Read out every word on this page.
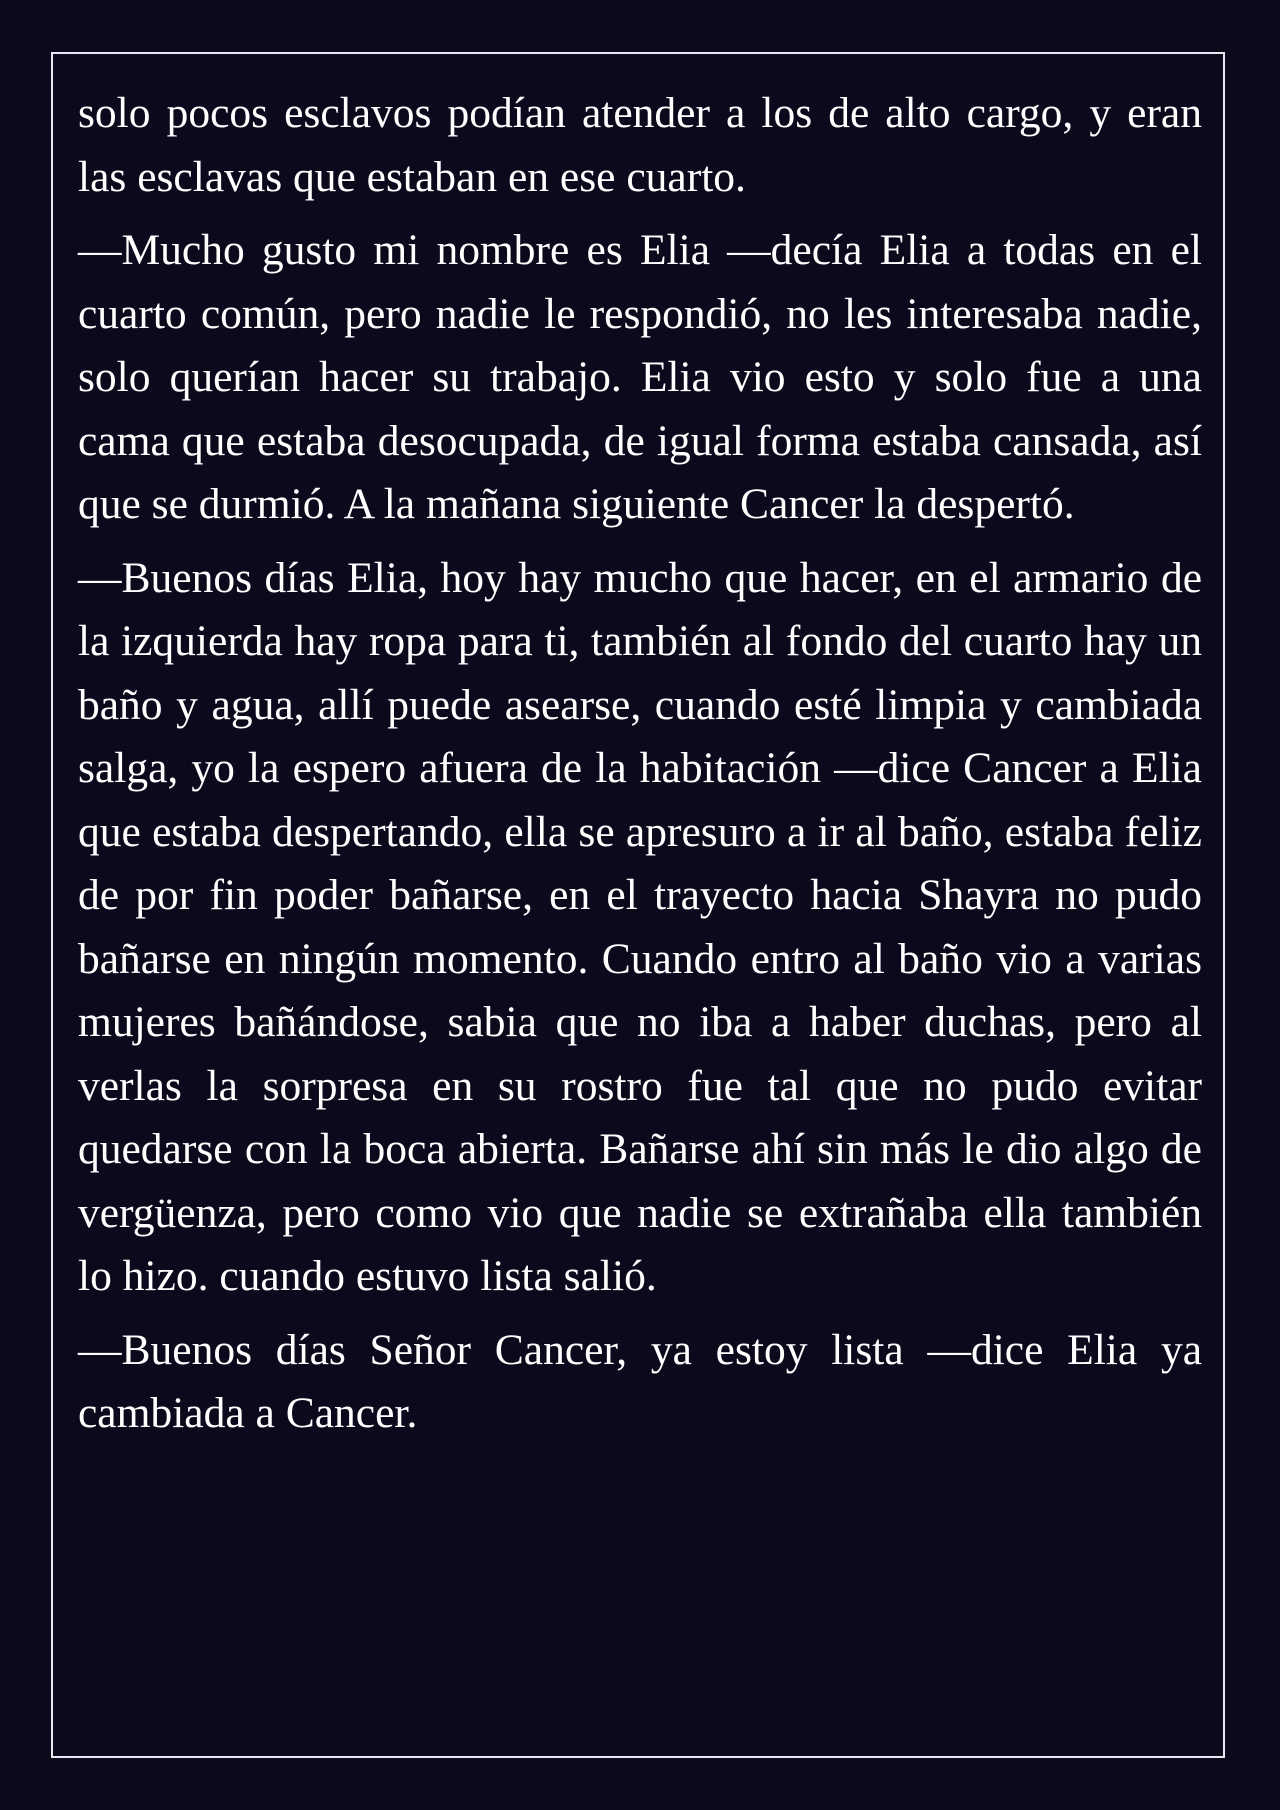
solo pocos esclavos podían atender a los de alto cargo, y eran las esclavas que estaban en ese cuarto.

—Mucho gusto mi nombre es Elia —decía Elia a todas en el cuarto común, pero nadie le respondió, no les interesaba nadie, solo querían hacer su trabajo. Elia vio esto y solo fue a una cama que estaba desocupada, de igual forma estaba cansada, así que se durmió. A la mañana siguiente Cancer la despertó.

—Buenos días Elia, hoy hay mucho que hacer, en el armario de la izquierda hay ropa para ti, también al fondo del cuarto hay un baño y agua, allí puede asearse, cuando esté limpia y cambiada salga, yo la espero afuera de la habitación —dice Cancer a Elia que estaba despertando, ella se apresuro a ir al baño, estaba feliz de por fin poder bañarse, en el trayecto hacia Shayra no pudo bañarse en ningún momento. Cuando entro al baño vio a varias mujeres bañándose, sabia que no iba a haber duchas, pero al verlas la sorpresa en su rostro fue tal que no pudo evitar quedarse con la boca abierta. Bañarse ahí sin más le dio algo de vergüenza, pero como vio que nadie se extrañaba ella también lo hizo. cuando estuvo lista salió.

—Buenos días Señor Cancer, ya estoy lista —dice Elia ya cambiada a Cancer.
